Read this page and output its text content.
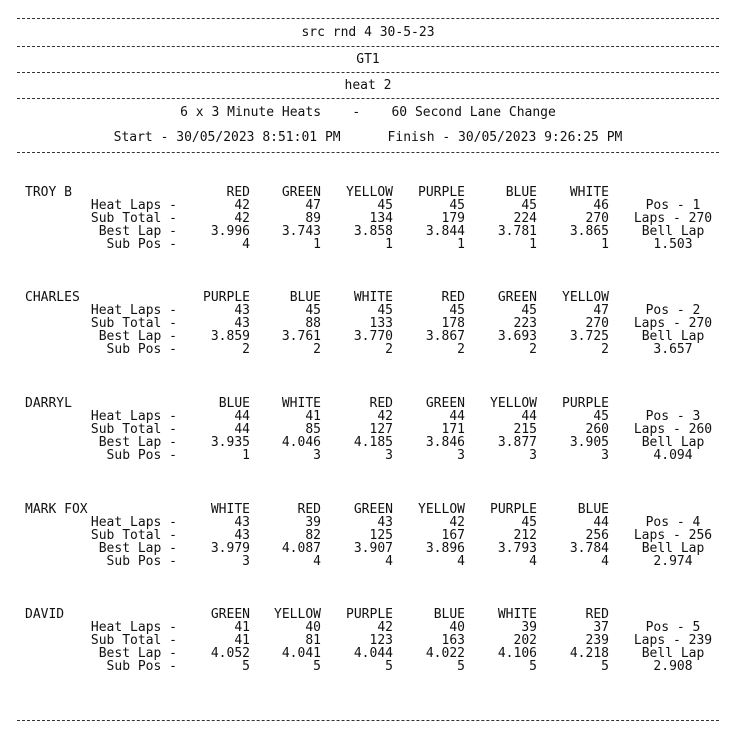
src rnd 4 30-5-23
GT1
heat 2
6 x 3 Minute Heats    -    60 Second Lane Change
Start - 30/05/2023 8:51:01 PM      Finish - 30/05/2023 9:26:25 PM
TROY B	RED	GREEN	YELLOW	PURPLE	BLUE	WHITE
Heat Laps -	42	47	45	45	45	46	Pos - 1
Sub Total -	42	89	134	179	224	270	Laps - 270
Best Lap -	3.996	3.743	3.858	3.844	3.781	3.865	Bell Lap
Sub Pos -	4	1	1	1	1	1	1.503
CHARLES	PURPLE	BLUE	WHITE	RED	GREEN	YELLOW
Heat Laps -	43	45	45	45	45	47	Pos - 2
Sub Total -	43	88	133	178	223	270	Laps - 270
Best Lap -	3.859	3.761	3.770	3.867	3.693	3.725	Bell Lap
Sub Pos -	2	2	2	2	2	2	3.657
DARRYL	BLUE	WHITE	RED	GREEN	YELLOW	PURPLE
Heat Laps -	44	41	42	44	44	45	Pos - 3
Sub Total -	44	85	127	171	215	260	Laps - 260
Best Lap -	3.935	4.046	4.185	3.846	3.877	3.905	Bell Lap
Sub Pos -	1	3	3	3	3	3	4.094
MARK FOX	WHITE	RED	GREEN	YELLOW	PURPLE	BLUE
Heat Laps -	43	39	43	42	45	44	Pos - 4
Sub Total -	43	82	125	167	212	256	Laps - 256
Best Lap -	3.979	4.087	3.907	3.896	3.793	3.784	Bell Lap
Sub Pos -	3	4	4	4	4	4	2.974
DAVID	GREEN	YELLOW	PURPLE	BLUE	WHITE	RED
Heat Laps -	41	40	42	40	39	37	Pos - 5
Sub Total -	41	81	123	163	202	239	Laps - 239
Best Lap -	4.052	4.041	4.044	4.022	4.106	4.218	Bell Lap
Sub Pos -	5	5	5	5	5	5	2.908
